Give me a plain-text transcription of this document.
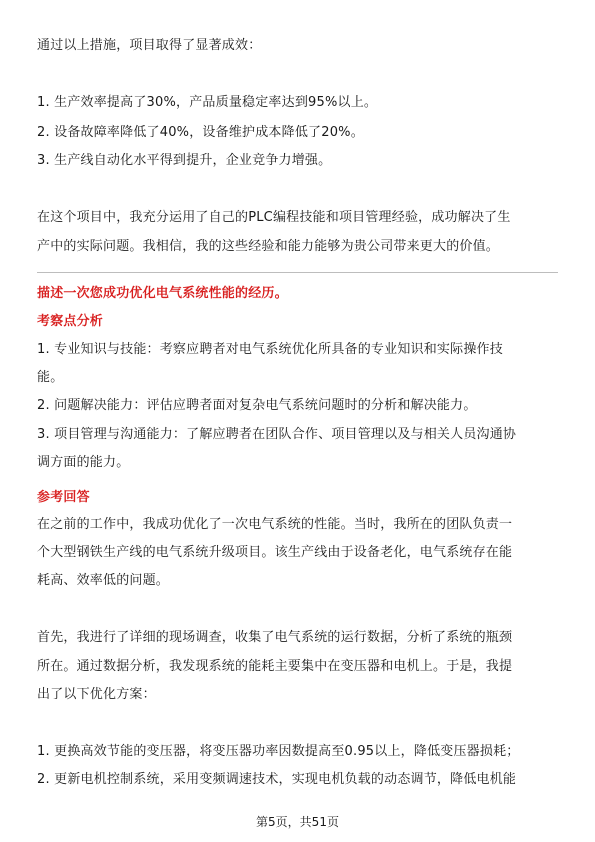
通过以上措施，项目取得了显著成效：
1. 生产效率提高了30%，产品质量稳定率达到95%以上。
2. 设备故障率降低了40%，设备维护成本降低了20%。
3. 生产线自动化水平得到提升，企业竞争力增强。
在这个项目中，我充分运用了自己的PLC编程技能和项目管理经验，成功解决了生
产中的实际问题。我相信，我的这些经验和能力能够为贵公司带来更大的价值。
描述一次您成功优化电气系统性能的经历。
考察点分析
1. 专业知识与技能：考察应聘者对电气系统优化所具备的专业知识和实际操作技
能。
2. 问题解决能力：评估应聘者面对复杂电气系统问题时的分析和解决能力。
3. 项目管理与沟通能力：了解应聘者在团队合作、项目管理以及与相关人员沟通协
调方面的能力。
参考回答
在之前的工作中，我成功优化了一次电气系统的性能。当时，我所在的团队负责一
个大型钢铁生产线的电气系统升级项目。该生产线由于设备老化，电气系统存在能
耗高、效率低的问题。
首先，我进行了详细的现场调查，收集了电气系统的运行数据，分析了系统的瓶颈
所在。通过数据分析，我发现系统的能耗主要集中在变压器和电机上。于是，我提
出了以下优化方案：
1. 更换高效节能的变压器，将变压器功率因数提高至0.95以上，降低变压器损耗；
2. 更新电机控制系统，采用变频调速技术，实现电机负载的动态调节，降低电机能
第5页，共51页
